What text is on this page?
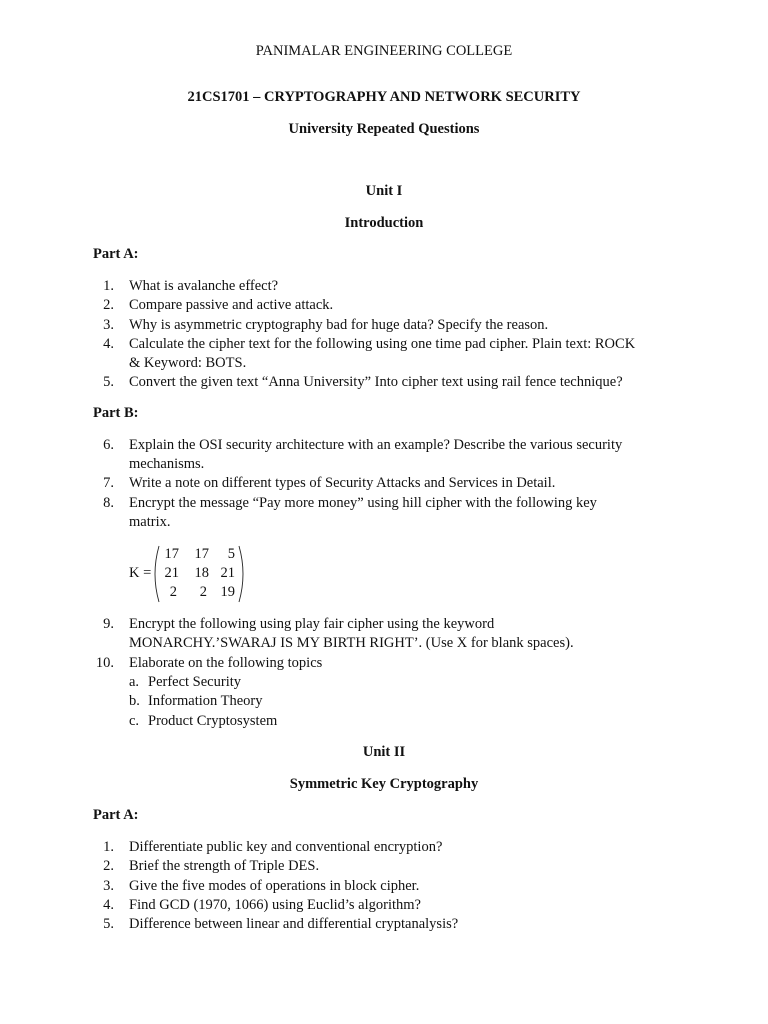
PANIMALAR ENGINEERING COLLEGE
21CS1701 – CRYPTOGRAPHY AND NETWORK SECURITY
University Repeated Questions
Unit I
Introduction
Part A:
1. What is avalanche effect?
2. Compare passive and active attack.
3. Why is asymmetric cryptography bad for huge data? Specify the reason.
4. Calculate the cipher text for the following using one time pad cipher. Plain text: ROCK
& Keyword: BOTS.
5. Convert the given text “Anna University” Into cipher text using rail fence technique?
Part B:
6. Explain the OSI security architecture with an example? Describe the various security
mechanisms.
7. Write a note on different types of Security Attacks and Services in Detail.
8. Encrypt the message “Pay more money” using hill cipher with the following key
matrix.
K =
17	17	5
21	18 21
2	2 19
9. Encrypt the following using play fair cipher using the keyword
MONARCHY.’SWARAJ IS MY BIRTH RIGHT’. (Use X for blank spaces).
10. Elaborate on the following topics
a. Perfect Security
b. Information Theory
c. Product Cryptosystem
Unit II
Symmetric Key Cryptography
Part A:
1. Differentiate public key and conventional encryption?
2. Brief the strength of Triple DES.
3. Give the five modes of operations in block cipher.
4. Find GCD (1970, 1066) using Euclid’s algorithm?
5. Difference between linear and differential cryptanalysis?
